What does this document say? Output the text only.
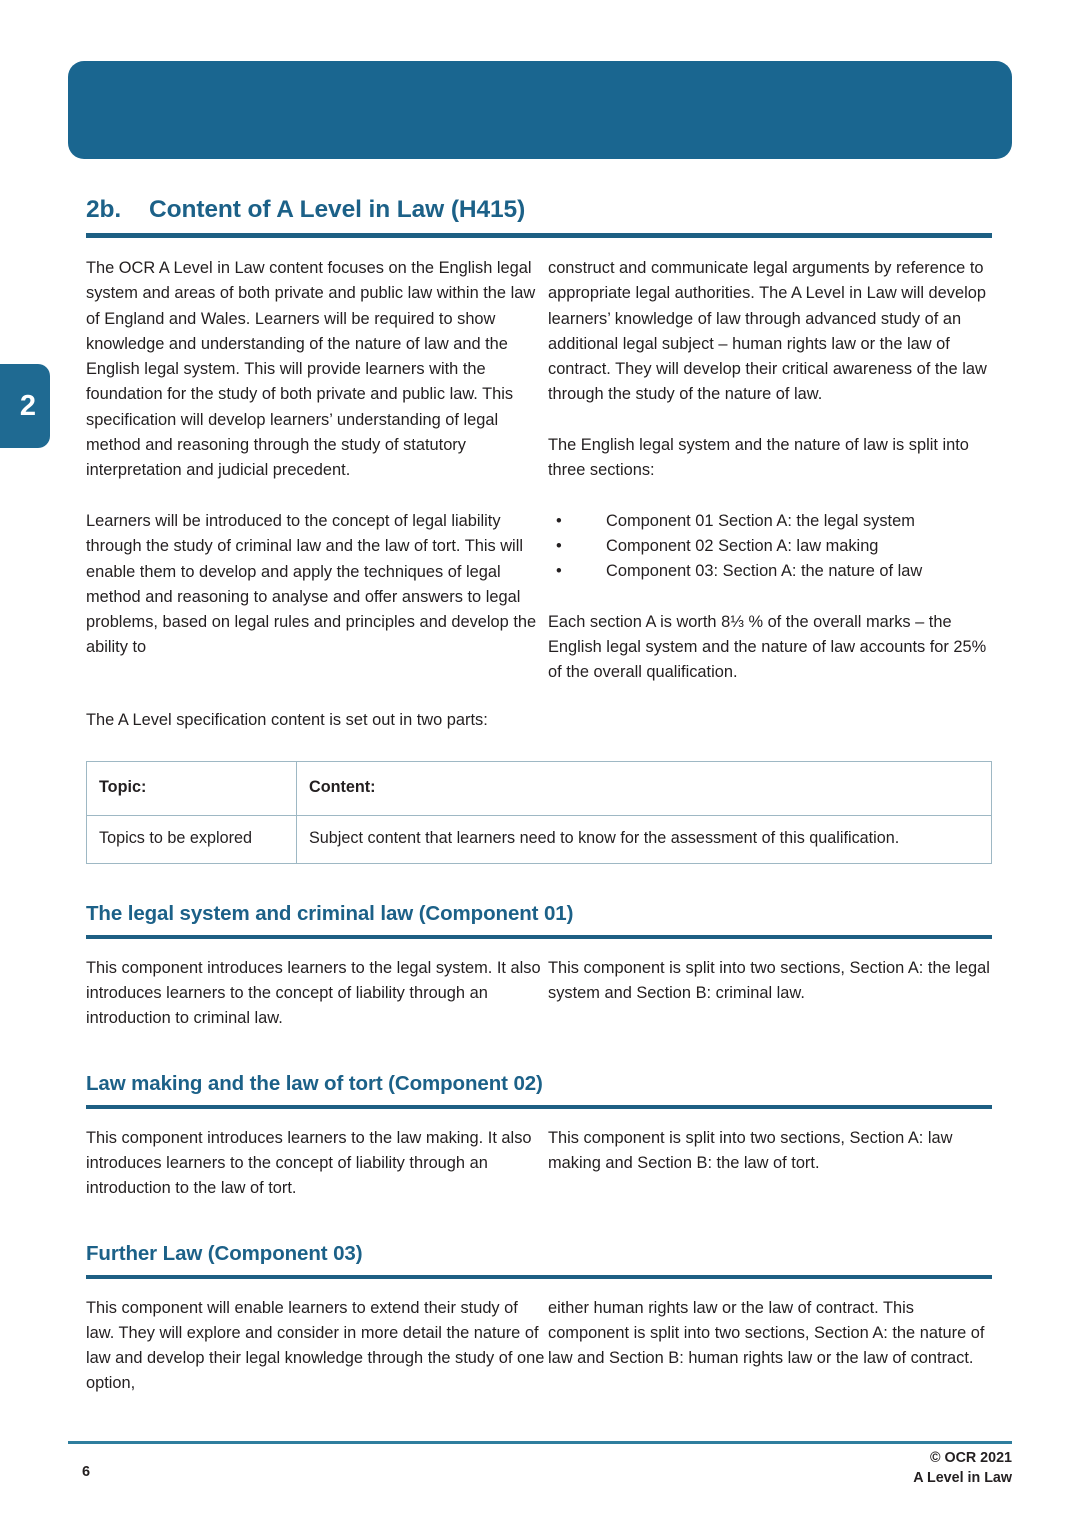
2
2b.	Content of A Level in Law (H415)

The OCR A Level in Law content focuses on the English legal system and areas of both private and public law within the law of England and Wales. Learners will be required to show knowledge and understanding of the nature of law and the English legal system. This will provide learners with the foundation for the study of both private and public law. This specification will develop learners’ understanding of legal method and reasoning through the study of statutory interpretation and judicial precedent.

Learners will be introduced to the concept of legal liability through the study of criminal law and the law of tort. This will enable them to develop and apply the techniques of legal method and reasoning to analyse and offer answers to legal problems, based on legal rules and principles and develop the ability to

construct and communicate legal arguments by reference to appropriate legal authorities. The A Level in Law will develop learners’ knowledge of law through advanced study of an additional legal subject – human rights law or the law of contract. They will develop their critical awareness of the law through the study of the nature of law.

The English legal system and the nature of law is split into three sections:

• Component 01 Section A: the legal system
• Component 02 Section A: law making
• Component 03: Section A: the nature of law

Each section A is worth 8⅓ % of the overall marks – the English legal system and the nature of law accounts for 25% of the overall qualification.

The A Level specification content is set out in two parts:

Topic:	Content:
Topics to be explored	Subject content that learners need to know for the assessment of this qualification.
The legal system and criminal law (Component 01)

This component introduces learners to the legal system. It also introduces learners to the concept of liability through an introduction to criminal law.

This component is split into two sections, Section A: the legal system and Section B: criminal law.

Law making and the law of tort (Component 02)

This component introduces learners to the law making. It also introduces learners to the concept of liability through an introduction to the law of tort.

This component is split into two sections, Section A: law making and Section B: the law of tort.

Further Law (Component 03)

This component will enable learners to extend their study of law. They will explore and consider in more detail the nature of law and develop their legal knowledge through the study of one option,

either human rights law or the law of contract. This component is split into two sections, Section A: the nature of law and Section B: human rights law or the law of contract.

6
© OCR 2021
A Level in Law
